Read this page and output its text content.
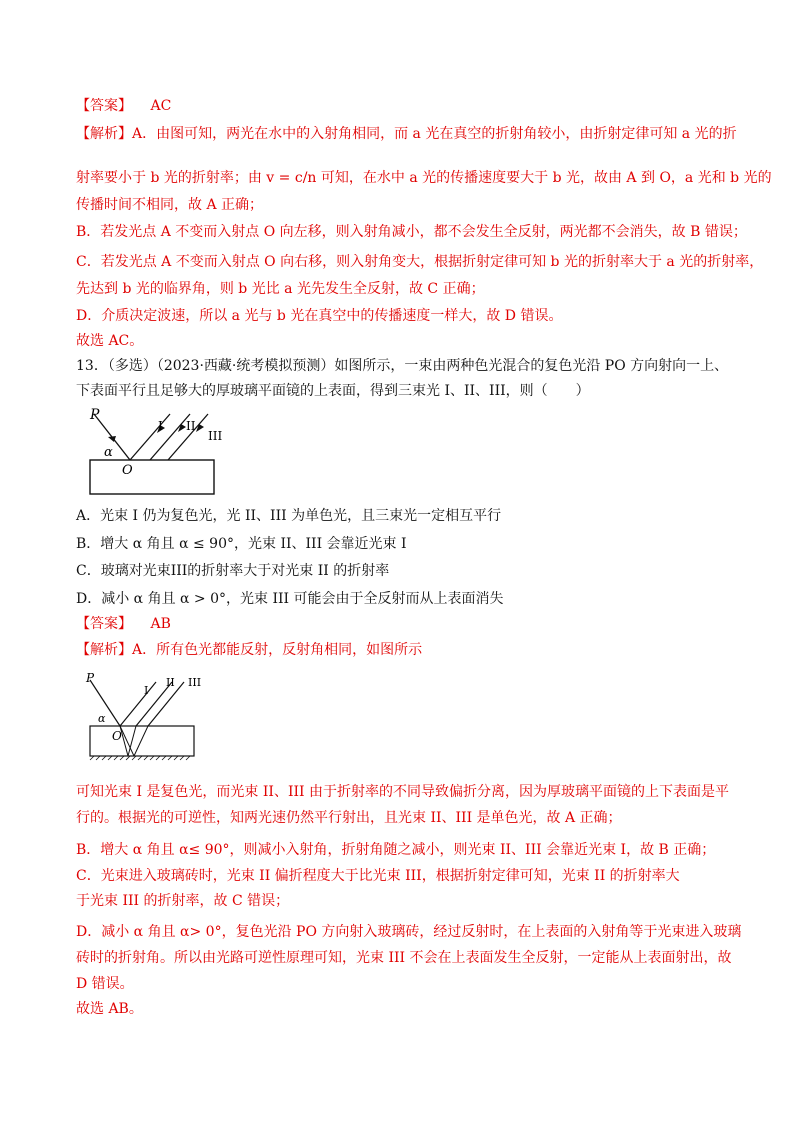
【答案】 AC
【解析】A．由图可知，两光在水中的入射角相同，而 a 光在真空的折射角较小，由折射定律可知 a 光的折
射率要小于 b 光的折射率；由 v = c/n 可知，在水中 a 光的传播速度要大于 b 光，故由 A 到 O，a 光和 b 光的
传播时间不相同，故 A 正确；
B．若发光点 A 不变而入射点 O 向左移，则入射角减小，都不会发生全反射，两光都不会消失，故 B 错误；
C．若发光点 A 不变而入射点 O 向右移，则入射角变大，根据折射定律可知 b 光的折射率大于 a 光的折射率，
先达到 b 光的临界角，则 b 光比 a 光先发生全反射，故 C 正确；
D．介质决定波速，所以 a 光与 b 光在真空中的传播速度一样大，故 D 错误。
故选 AC。
13．（多选）（2023·西藏·统考模拟预测）如图所示，一束由两种色光混合的复色光沿 PO 方向射向一上、
下表面平行且足够大的厚玻璃平面镜的上表面，得到三束光 I、II、III，则（　　）
P
α
O
I II
III
A．光束 I 仍为复色光，光 II、III 为单色光，且三束光一定相互平行
B．增大 α 角且 α ≤ 90°，光束 II、III 会靠近光束 I
C．玻璃对光束III的折射率大于对光束 II 的折射率
D．减小 α 角且 α > 0°，光束 III 可能会由于全反射而从上表面消失
【答案】 AB
【解析】A．所有色光都能反射，反射角相同，如图所示
P
α
O
I
II III
可知光束 I 是复色光，而光束 II、III 由于折射率的不同导致偏折分离，因为厚玻璃平面镜的上下表面是平
行的。根据光的可逆性，知两光速仍然平行射出，且光束 II、III 是单色光，故 A 正确；
B．增大 α 角且 α≤ 90°，则减小入射角，折射角随之减小，则光束 II、III 会靠近光束 I，故 B 正确；
C．光束进入玻璃砖时，光束 II 偏折程度大于比光束 III，根据折射定律可知，光束 II 的折射率大
于光束 III 的折射率，故 C 错误；
D．减小 α 角且 α> 0°，复色光沿 PO 方向射入玻璃砖，经过反射时，在上表面的入射角等于光束进入玻璃
砖时的折射角。所以由光路可逆性原理可知，光束 III 不会在上表面发生全反射，一定能从上表面射出，故
D 错误。
故选 AB。
